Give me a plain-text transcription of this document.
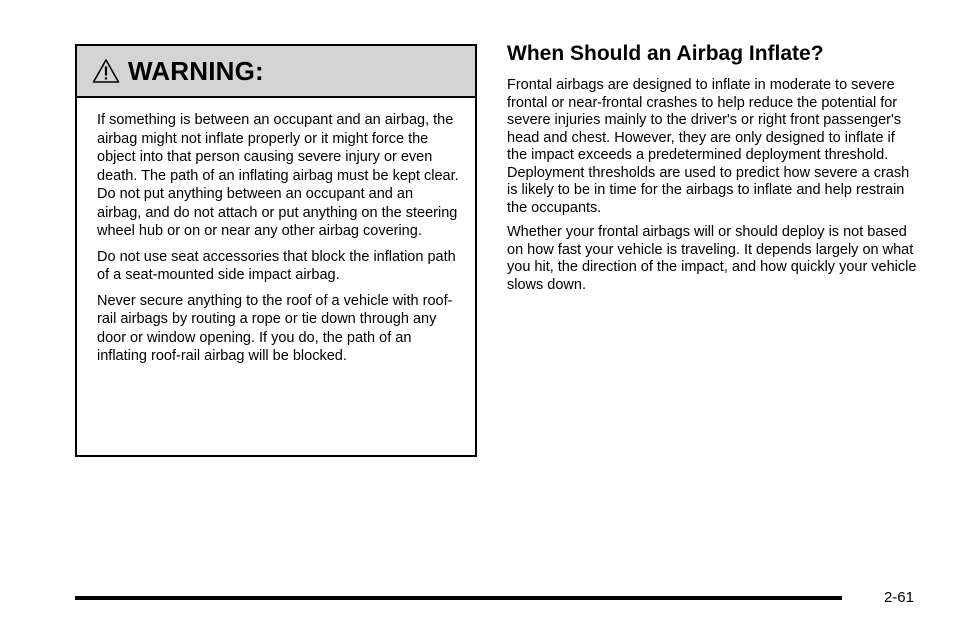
WARNING:

If something is between an occupant and an airbag, the airbag might not inflate properly or it might force the object into that person causing severe injury or even death. The path of an inflating airbag must be kept clear. Do not put anything between an occupant and an airbag, and do not attach or put anything on the steering wheel hub or on or near any other airbag covering.

Do not use seat accessories that block the inflation path of a seat-mounted side impact airbag.

Never secure anything to the roof of a vehicle with roof-rail airbags by routing a rope or tie down through any door or window opening. If you do, the path of an inflating roof-rail airbag will be blocked.

When Should an Airbag Inflate?

Frontal airbags are designed to inflate in moderate to severe frontal or near-frontal crashes to help reduce the potential for severe injuries mainly to the driver's or right front passenger's head and chest. However, they are only designed to inflate if the impact exceeds a predetermined deployment threshold. Deployment thresholds are used to predict how severe a crash is likely to be in time for the airbags to inflate and help restrain the occupants.

Whether your frontal airbags will or should deploy is not based on how fast your vehicle is traveling. It depends largely on what you hit, the direction of the impact, and how quickly your vehicle slows down.

2-61
